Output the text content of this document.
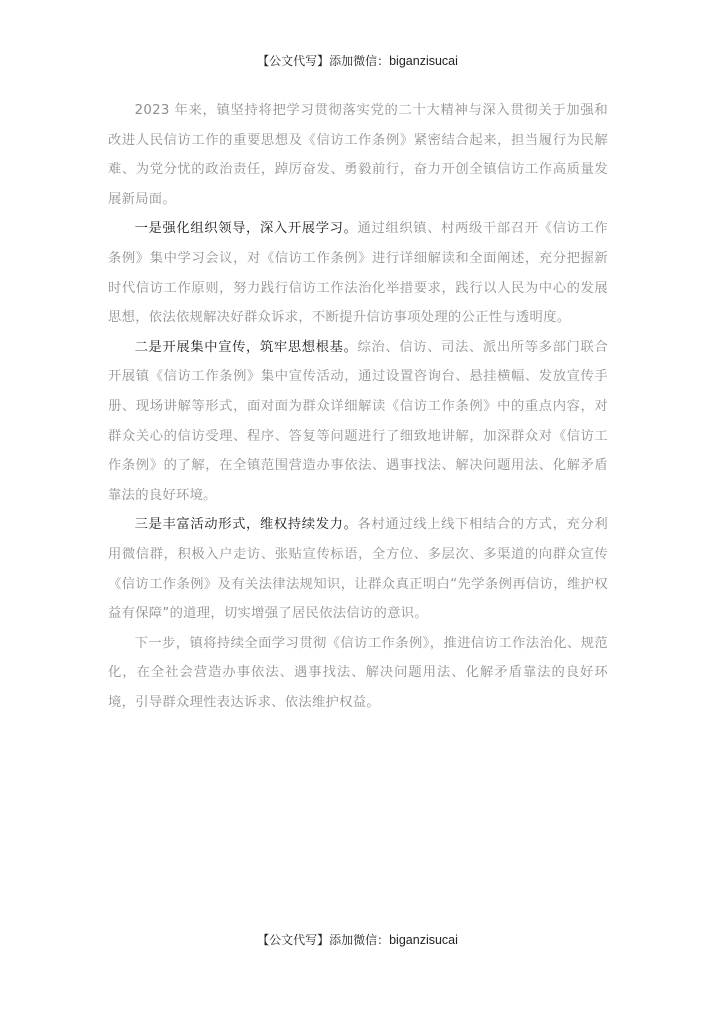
【公文代写】添加微信：biganzisucai

2023 年来，镇坚持将把学习贯彻落实党的二十大精神与深入贯彻关于加强和改进人民信访工作的重要思想及《信访工作条例》紧密结合起来，担当履行为民解难、为党分忧的政治责任，踔厉奋发、勇毅前行，奋力开创全镇信访工作高质量发展新局面。

一是强化组织领导，深入开展学习。通过组织镇、村两级干部召开《信访工作条例》集中学习会议，对《信访工作条例》进行详细解读和全面阐述，充分把握新时代信访工作原则，努力践行信访工作法治化举措要求，践行以人民为中心的发展思想，依法依规解决好群众诉求，不断提升信访事项处理的公正性与透明度。

二是开展集中宣传，筑牢思想根基。综治、信访、司法、派出所等多部门联合开展镇《信访工作条例》集中宣传活动，通过设置咨询台、悬挂横幅、发放宣传手册、现场讲解等形式，面对面为群众详细解读《信访工作条例》中的重点内容，对群众关心的信访受理、程序、答复等问题进行了细致地讲解，加深群众对《信访工作条例》的了解，在全镇范围营造办事依法、遇事找法、解决问题用法、化解矛盾靠法的良好环境。

三是丰富活动形式，维权持续发力。各村通过线上线下相结合的方式，充分利用微信群，积极入户走访、张贴宣传标语，全方位、多层次、多渠道的向群众宣传《信访工作条例》及有关法律法规知识，让群众真正明白“先学条例再信访，维护权益有保障”的道理，切实增强了居民依法信访的意识。

下一步，镇将持续全面学习贯彻《信访工作条例》，推进信访工作法治化、规范化，在全社会营造办事依法、遇事找法、解决问题用法、化解矛盾靠法的良好环境，引导群众理性表达诉求、依法维护权益。

【公文代写】添加微信：biganzisucai
